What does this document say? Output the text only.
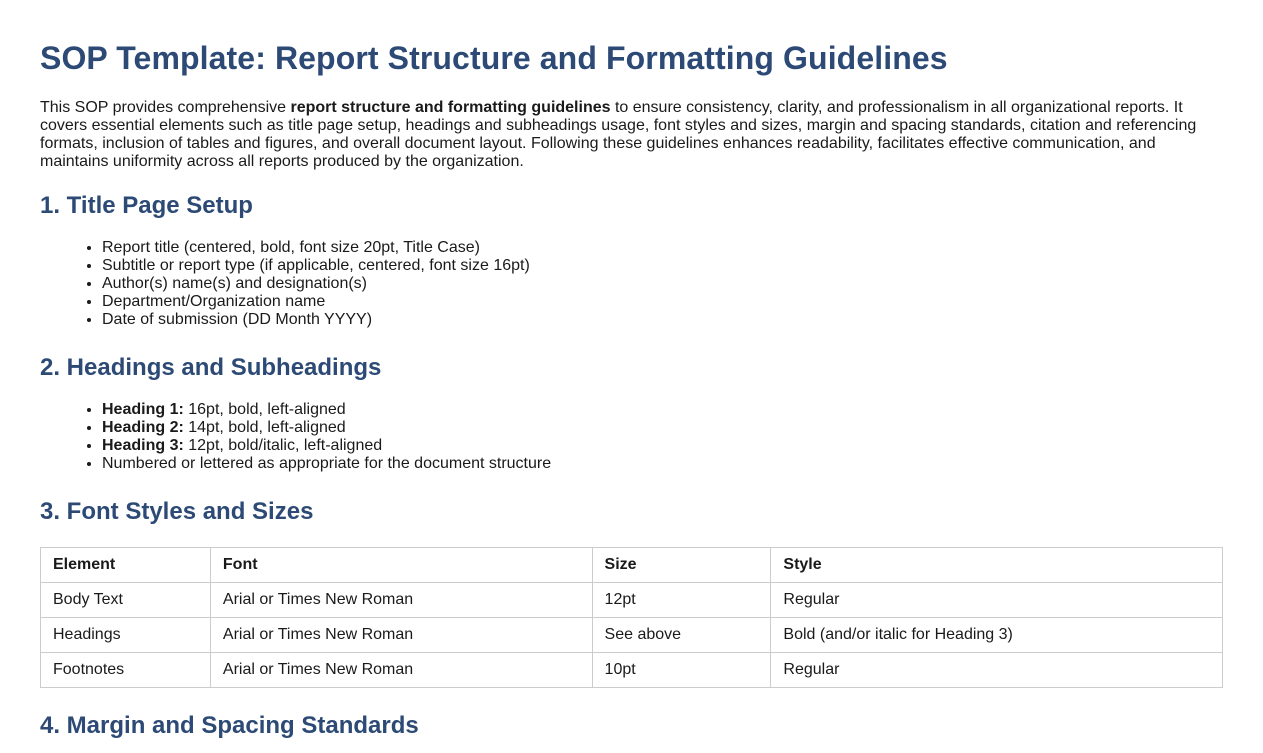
SOP Template: Report Structure and Formatting Guidelines

This SOP provides comprehensive report structure and formatting guidelines to ensure consistency, clarity, and professionalism in all organizational reports. It covers essential elements such as title page setup, headings and subheadings usage, font styles and sizes, margin and spacing standards, citation and referencing formats, inclusion of tables and figures, and overall document layout. Following these guidelines enhances readability, facilitates effective communication, and maintains uniformity across all reports produced by the organization.

1. Title Page Setup
• Report title (centered, bold, font size 20pt, Title Case)
• Subtitle or report type (if applicable, centered, font size 16pt)
• Author(s) name(s) and designation(s)
• Department/Organization name
• Date of submission (DD Month YYYY)
2. Headings and Subheadings
• Heading 1: 16pt, bold, left-aligned
• Heading 2: 14pt, bold, left-aligned
• Heading 3: 12pt, bold/italic, left-aligned
• Numbered or lettered as appropriate for the document structure
3. Font Styles and Sizes
Element	Font	Size	Style
Body Text	Arial or Times New Roman	12pt	Regular
Headings	Arial or Times New Roman	See above	Bold (and/or italic for Heading 3)
Footnotes	Arial or Times New Roman	10pt	Regular
4. Margin and Spacing Standards
